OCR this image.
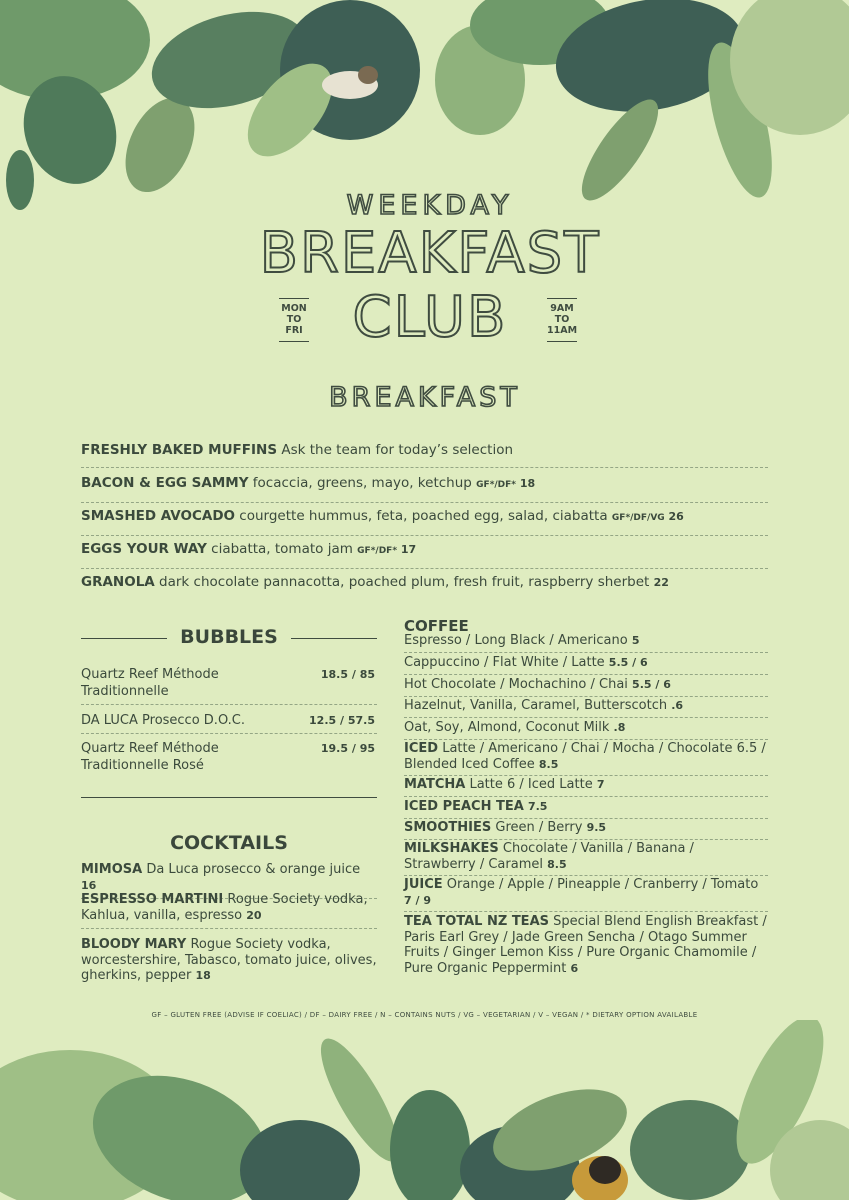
WEEKDAY
BREAKFAST
CLUB
MON
TO
FRI
9AM
TO
11AM
BREAKFAST
FRESHLY BAKED MUFFINS Ask the team for today’s selection
BACON & EGG SAMMY focaccia, greens, mayo, ketchup GF*/DF* 18
SMASHED AVOCADO courgette hummus, feta, poached egg, salad, ciabatta GF*/DF/VG 26
EGGS YOUR WAY ciabatta, tomato jam GF*/DF* 17
GRANOLA dark chocolate pannacotta, poached plum, fresh fruit, raspberry sherbet 22
BUBBLES
Quartz Reef Méthode Traditionnelle
18.5 / 85
DA LUCA Prosecco D.O.C.	12.5 / 57.5
Quartz Reef Méthode Traditionnelle Rosé
19.5 / 95
COCKTAILS
MIMOSA Da Luca prosecco & orange juice 16
ESPRESSO MARTINI Rogue Society vodka, Kahlua, vanilla, espresso 20
BLOODY MARY Rogue Society vodka, worcestershire, Tabasco, tomato juice, olives, gherkins, pepper 18
COFFEE
Espresso / Long Black / Americano 5
Cappuccino / Flat White / Latte 5.5 / 6
Hot Chocolate / Mochachino / Chai 5.5 / 6
Hazelnut, Vanilla, Caramel, Butterscotch .6
Oat, Soy, Almond, Coconut Milk .8
ICED Latte / Americano / Chai / Mocha / Chocolate 6.5 / Blended Iced Coffee 8.5
MATCHA Latte 6 / Iced Latte 7
ICED PEACH TEA 7.5
SMOOTHIES Green / Berry 9.5
MILKSHAKES Chocolate / Vanilla / Banana / Strawberry / Caramel 8.5
JUICE Orange / Apple / Pineapple / Cranberry / Tomato 7 / 9
TEA TOTAL NZ TEAS Special Blend English Breakfast / Paris Earl Grey / Jade Green Sencha / Otago Summer Fruits / Ginger Lemon Kiss / Pure Organic Chamomile / Pure Organic Peppermint 6
GF – GLUTEN FREE (ADVISE IF COELIAC) / DF – DAIRY FREE / N – CONTAINS NUTS / VG – VEGETARIAN / V – VEGAN / * DIETARY OPTION AVAILABLE
